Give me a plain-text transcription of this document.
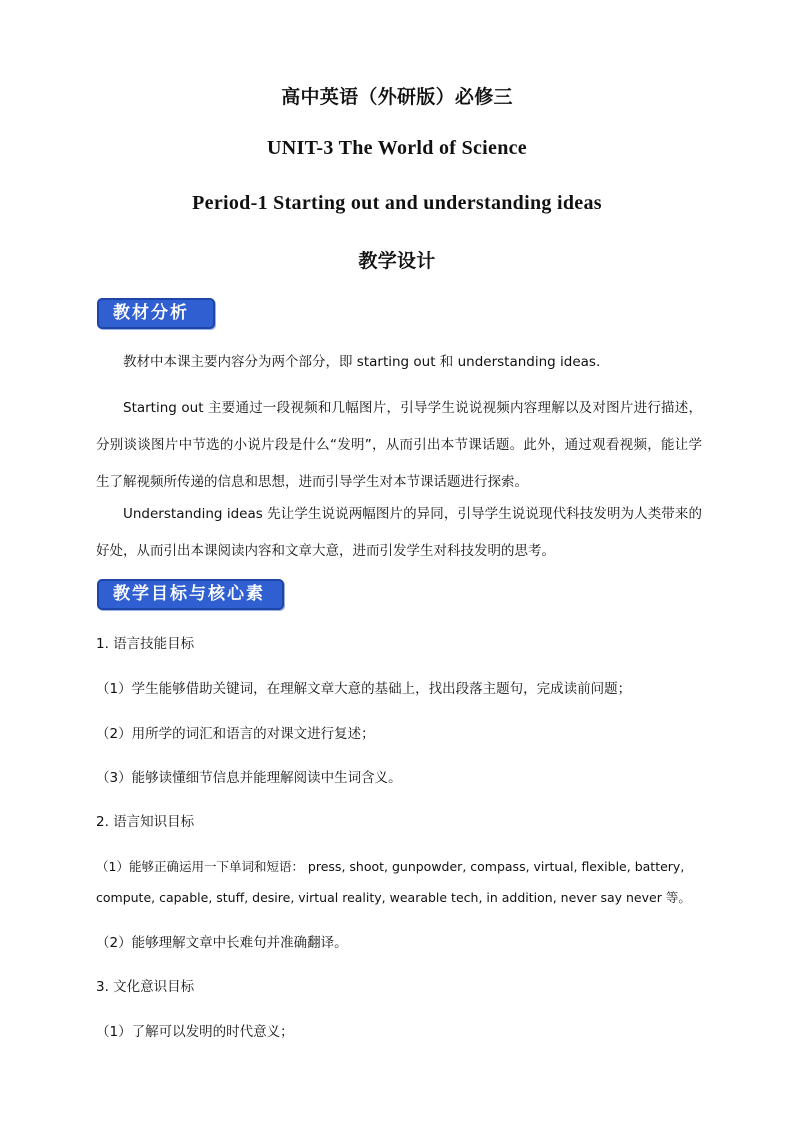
高中英语（外研版）必修三
UNIT-3 The World of Science
Period-1 Starting out and understanding ideas
教学设计
教材分析
教材中本课主要内容分为两个部分，即 starting out 和 understanding ideas.
Starting out 主要通过一段视频和几幅图片，引导学生说说视频内容理解以及对图片进行描述，分别谈谈图片中节选的小说片段是什么“发明”，从而引出本节课话题。此外，通过观看视频，能让学生了解视频所传递的信息和思想，进而引导学生对本节课话题进行探索。
Understanding ideas 先让学生说说两幅图片的异同，引导学生说说现代科技发明为人类带来的好处，从而引出本课阅读内容和文章大意，进而引发学生对科技发明的思考。
教学目标与核心素养
1. 语言技能目标
（1）学生能够借助关键词，在理解文章大意的基础上，找出段落主题句，完成读前问题；
（2）用所学的词汇和语言的对课文进行复述；
（3）能够读懂细节信息并能理解阅读中生词含义。
2. 语言知识目标
（1）能够正确运用一下单词和短语： press, shoot, gunpowder, compass, virtual, flexible, battery,
compute, capable, stuff, desire, virtual reality, wearable tech, in addition, never say never 等。
（2）能够理解文章中长难句并准确翻译。
3. 文化意识目标
（1）了解可以发明的时代意义；
